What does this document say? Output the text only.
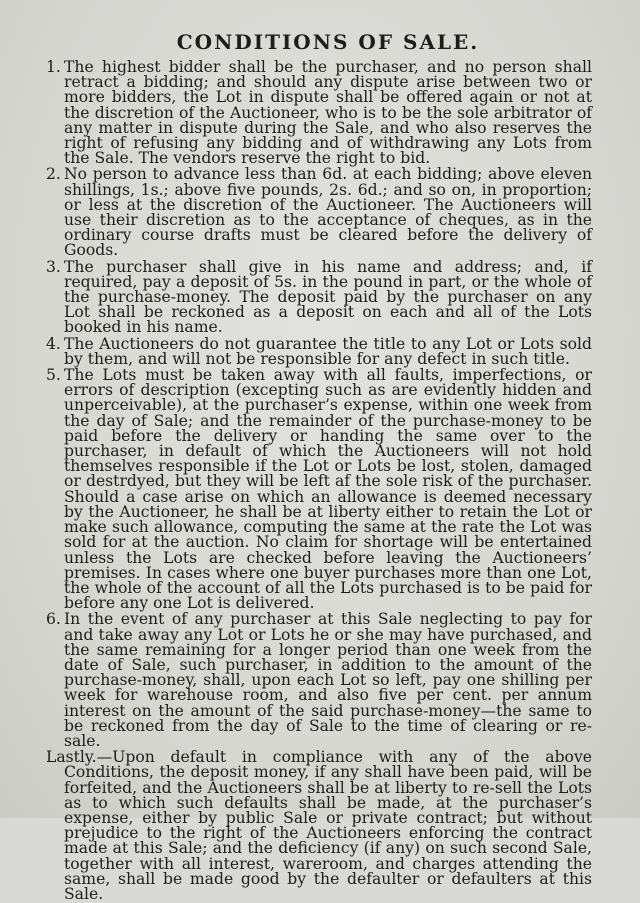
CONDITIONS OF SALE.
1. The highest bidder shall be the purchaser, and no person shall retract a bidding; and should any dispute arise between two or more bidders, the Lot in dispute shall be offered again or not at the discretion of the Auctioneer, who is to be the sole arbitrator of any matter in dispute during the Sale, and who also reserves the right of refusing any bidding and of withdrawing any Lots from the Sale. The vendors reserve the right to bid.
2. No person to advance less than 6d. at each bidding; above eleven shillings, 1s.; above five pounds, 2s. 6d.; and so on, in proportion; or less at the discretion of the Auctioneer. The Auctioneers will use their discretion as to the acceptance of cheques, as in the ordinary course drafts must be cleared before the delivery of Goods.
3. The purchaser shall give in his name and address; and, if required, pay a deposit of 5s. in the pound in part, or the whole of the purchase-money. The deposit paid by the purchaser on any Lot shall be reckoned as a deposit on each and all of the Lots booked in his name.
4. The Auctioneers do not guarantee the title to any Lot or Lots sold by them, and will not be responsible for any defect in such title.
5. The Lots must be taken away with all faults, imperfections, or errors of description (excepting such as are evidently hidden and unperceivable), at the purchaser’s expense, within one week from the day of Sale; and the remainder of the purchase-money to be paid before the delivery or handing the same over to the purchaser, in default of which the Auctioneers will not hold themselves responsible if the Lot or Lots be lost, stolen, damaged or destrdyed, but they will be left af the sole risk of the purchaser. Should a case arise on which an allowance is deemed necessary by the Auctioneer, he shall be at liberty either to retain the Lot or make such allowance, computing the same at the rate the Lot was sold for at the auction. No claim for shortage will be entertained unless the Lots are checked before leaving the Auctioneers’ premises. In cases where one buyer purchases more than one Lot, the whole of the account of all the Lots purchased is to be paid for before any one Lot is delivered.
6. In the event of any purchaser at this Sale neglecting to pay for and take away any Lot or Lots he or she may have purchased, and the same remaining for a longer period than one week from the date of Sale, such purchaser, in addition to the amount of the purchase-money, shall, upon each Lot so left, pay one shilling per week for warehouse room, and also five per cent. per annum interest on the amount of the said purchase-money—the same to be reckoned from the day of Sale to the time of clearing or re-sale.
Lastly.—Upon default in compliance with any of the above Conditions, the deposit money, if any shall have been paid, will be forfeited, and the Auctioneers shall be at liberty to re-sell the Lots as to which such defaults shall be made, at the purchaser’s expense, either by public Sale or private contract; but without prejudice to the right of the Auctioneers enforcing the contract made at this Sale; and the deficiency (if any) on such second Sale, together with all interest, wareroom, and charges attending the same, shall be made good by the defaulter or defaulters at this Sale.
